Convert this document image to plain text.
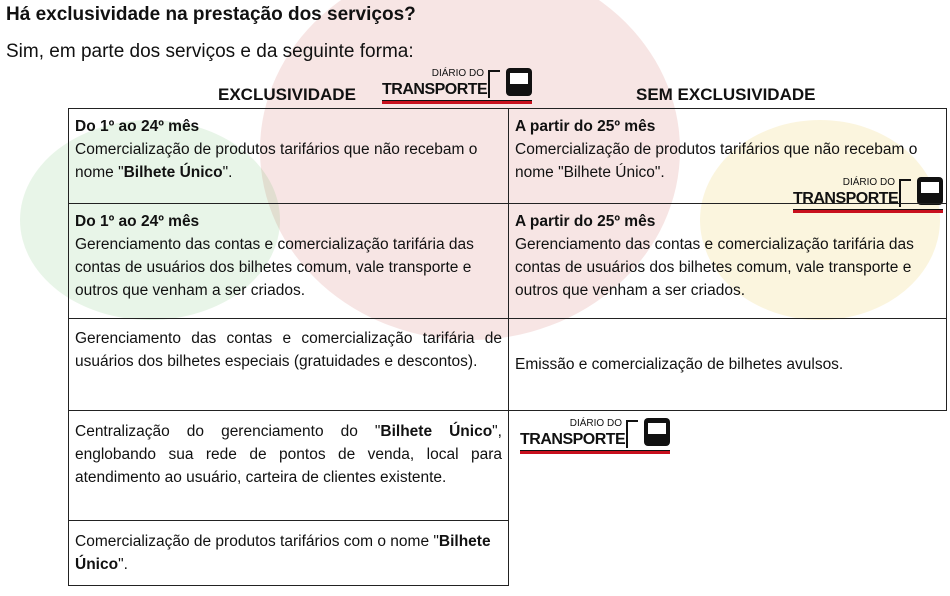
Há exclusividade na prestação dos serviços?
Sim, em parte dos serviços e da seguinte forma:
EXCLUSIVIDADE	SEM EXCLUSIVIDADE
DIÁRIO DO
TRANSPORTE
DIÁRIO DO
TRANSPORTE
DIÁRIO DO
TRANSPORTE
Do 1º ao 24º mês
Comercialização de produtos tarifários que não recebam o nome "Bilhete Único".
A partir do 25º mês
Comercialização de produtos tarifários que não recebam o nome "Bilhete Único".
Do 1º ao 24º mês
Gerenciamento das contas e comercialização tarifária das contas de usuários dos bilhetes comum, vale transporte e outros que venham a ser criados.
A partir do 25º mês
Gerenciamento das contas e comercialização tarifária das contas de usuários dos bilhetes comum, vale transporte e outros que venham a ser criados.
Gerenciamento das contas e comercialização tarifária de usuários dos bilhetes especiais (gratuidades e descontos).	Emissão e comercialização de bilhetes avulsos.
Centralização do gerenciamento do "Bilhete Único", englobando sua rede de pontos de venda, local para atendimento ao usuário, carteira de clientes existente.
Comercialização de produtos tarifários com o nome "Bilhete Único".
